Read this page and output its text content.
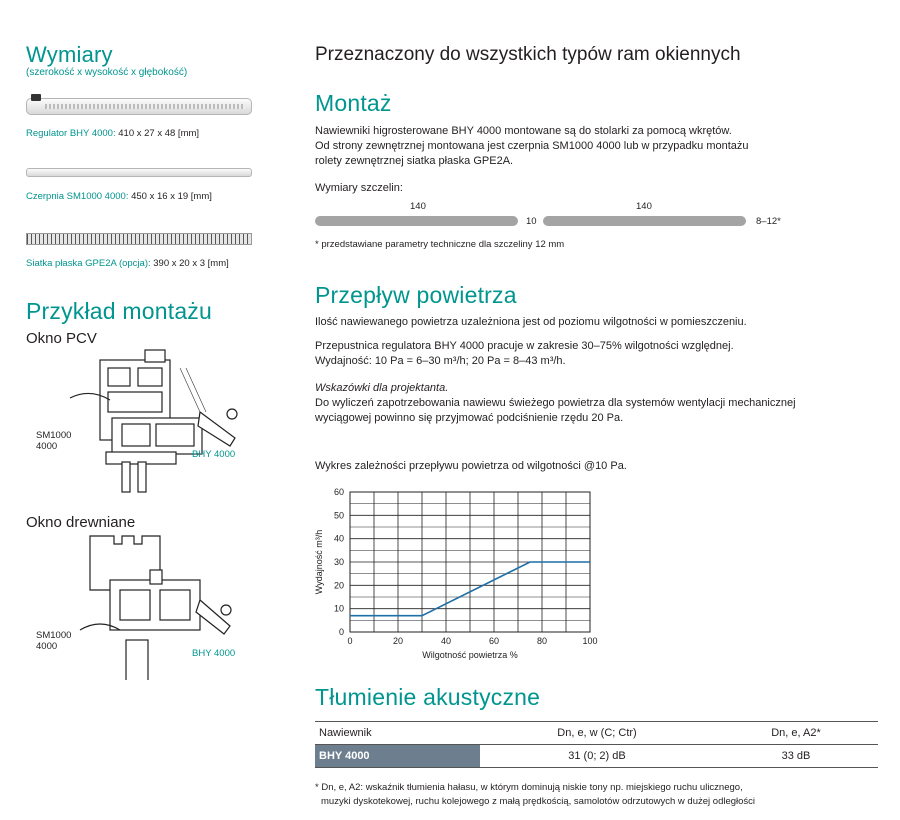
Wymiary
(szerokość x wysokość x głębokość)
Regulator BHY 4000: 410 x 27 x 48 [mm]
Czerpnia SM1000 4000: 450 x 16 x 19 [mm]
Siatka płaska GPE2A (opcja): 390 x 20 x 3 [mm]
Przykład montażu
Okno PCV
SM1000
4000
BHY 4000
Okno drewniane
SM1000
4000
BHY 4000
Przeznaczony do wszystkich typów ram okiennych
Montaż
Nawiewniki higrosterowane BHY 4000 montowane są do stolarki za pomocą wkrętów.
Od strony zewnętrznej montowana jest czerpnia SM1000 4000 lub w przypadku montażu
rolety zewnętrznej siatka płaska GPE2A.
Wymiary szczelin:
140	140
10	8–12*
* przedstawiane parametry techniczne dla szczeliny 12 mm
Przepływ powietrza
Ilość nawiewanego powietrza uzależniona jest od poziomu wilgotności w pomieszczeniu.
Przepustnica regulatora BHY 4000 pracuje w zakresie 30–75% wilgotności względnej.
Wydajność: 10 Pa = 6–30 m³/h; 20 Pa = 8–43 m³/h.
Wskazówki dla projektanta.
Do wyliczeń zapotrzebowania nawiewu świeżego powietrza dla systemów wentylacji mechanicznej
wyciągowej powinno się przyjmować podciśnienie rzędu 20 Pa.
Wykres zależności przepływu powietrza od wilgotności @10 Pa.
0
10
20
30
40
50
60
0	20	40	60	80	100
Wilgotność powietrza %
Wydajność m³/h
Tłumienie akustyczne
Nawiewnik	Dn, e, w (C; Ctr)	Dn, e, A2*
BHY 4000	31 (0; 2) dB	33 dB
* Dn, e, A2: wskaźnik tłumienia hałasu, w którym dominują niskie tony np. miejskiego ruchu ulicznego,
muzyki dyskotekowej, ruchu kolejowego z małą prędkością, samolotów odrzutowych w dużej odległości
